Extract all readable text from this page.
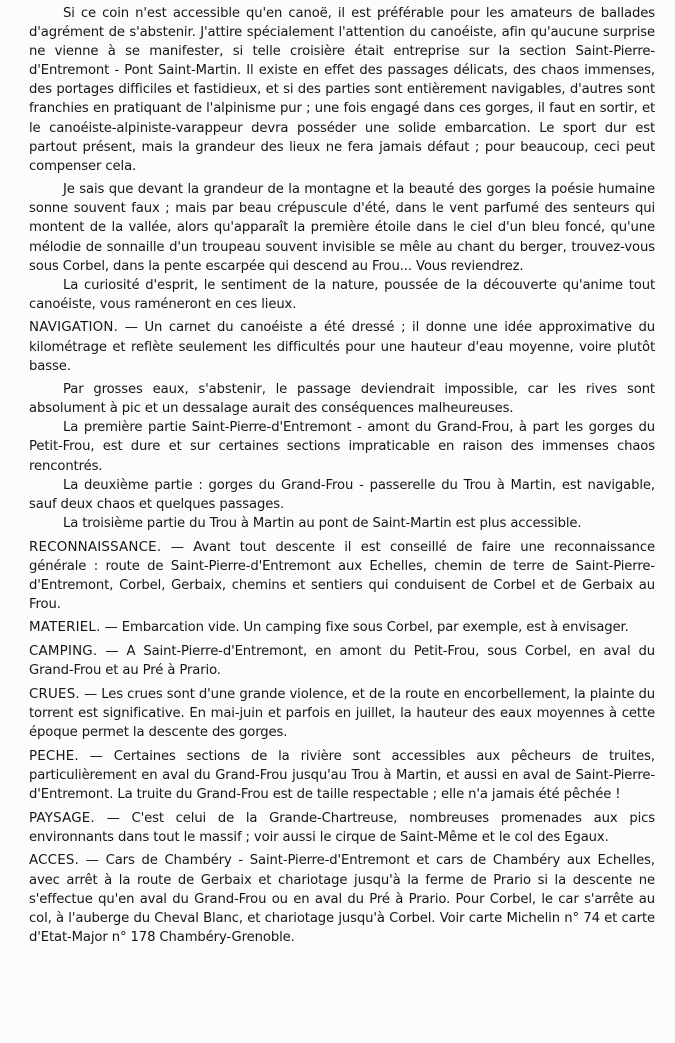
Si ce coin n'est accessible qu'en canoë, il est préférable pour les amateurs de ballades d'agrément de s'abstenir. J'attire spécialement l'attention du canoéiste, afin qu'aucune surprise ne vienne à se manifester, si telle croisière était entreprise sur la section Saint-Pierre-d'Entremont - Pont Saint-Martin. Il existe en effet des passages délicats, des chaos immenses, des portages difficiles et fastidieux, et si des parties sont entièrement navigables, d'autres sont franchies en pratiquant de l'alpinisme pur ; une fois engagé dans ces gorges, il faut en sortir, et le canoéiste-alpiniste-varappeur devra posséder une solide embarcation. Le sport dur est partout présent, mais la grandeur des lieux ne fera jamais défaut ; pour beaucoup, ceci peut compenser cela.

Je sais que devant la grandeur de la montagne et la beauté des gorges la poésie humaine sonne souvent faux ; mais par beau crépuscule d'été, dans le vent parfumé des senteurs qui montent de la vallée, alors qu'apparaît la première étoile dans le ciel d'un bleu foncé, qu'une mélodie de sonnaille d'un troupeau souvent invisible se mêle au chant du berger, trouvez-vous sous Corbel, dans la pente escarpée qui descend au Frou... Vous reviendrez.

La curiosité d'esprit, le sentiment de la nature, poussée de la découverte qu'anime tout canoéiste, vous raméneront en ces lieux.

NAVIGATION. — Un carnet du canoéiste a été dressé ; il donne une idée approximative du kilométrage et reflète seulement les difficultés pour une hauteur d'eau moyenne, voire plutôt basse.

Par grosses eaux, s'abstenir, le passage deviendrait impossible, car les rives sont absolument à pic et un dessalage aurait des conséquences malheureuses.

La première partie Saint-Pierre-d'Entremont - amont du Grand-Frou, à part les gorges du Petit-Frou, est dure et sur certaines sections impraticable en raison des immenses chaos rencontrés.

La deuxième partie : gorges du Grand-Frou - passerelle du Trou à Martin, est navigable, sauf deux chaos et quelques passages.

La troisième partie du Trou à Martin au pont de Saint-Martin est plus accessible.

RECONNAISSANCE. — Avant tout descente il est conseillé de faire une reconnaissance générale : route de Saint-Pierre-d'Entremont aux Echelles, chemin de terre de Saint-Pierre-d'Entremont, Corbel, Gerbaix, chemins et sentiers qui conduisent de Corbel et de Gerbaix au Frou.

MATERIEL. — Embarcation vide. Un camping fixe sous Corbel, par exemple, est à envisager.

CAMPING. — A Saint-Pierre-d'Entremont, en amont du Petit-Frou, sous Corbel, en aval du Grand-Frou et au Pré à Prario.

CRUES. — Les crues sont d'une grande violence, et de la route en encorbellement, la plainte du torrent est significative. En mai-juin et parfois en juillet, la hauteur des eaux moyennes à cette époque permet la descente des gorges.

PECHE. — Certaines sections de la rivière sont accessibles aux pêcheurs de truites, particulièrement en aval du Grand-Frou jusqu'au Trou à Martin, et aussi en aval de Saint-Pierre-d'Entremont. La truite du Grand-Frou est de taille respectable ; elle n'a jamais été pêchée !

PAYSAGE. — C'est celui de la Grande-Chartreuse, nombreuses promenades aux pics environnants dans tout le massif ; voir aussi le cirque de Saint-Même et le col des Egaux.

ACCES. — Cars de Chambéry - Saint-Pierre-d'Entremont et cars de Chambéry aux Echelles, avec arrêt à la route de Gerbaix et chariotage jusqu'à la ferme de Prario si la descente ne s'effectue qu'en aval du Grand-Frou ou en aval du Pré à Prario. Pour Corbel, le car s'arrête au col, à l'auberge du Cheval Blanc, et chariotage jusqu'à Corbel. Voir carte Michelin n° 74 et carte d'Etat-Major n° 178 Chambéry-Grenoble.
